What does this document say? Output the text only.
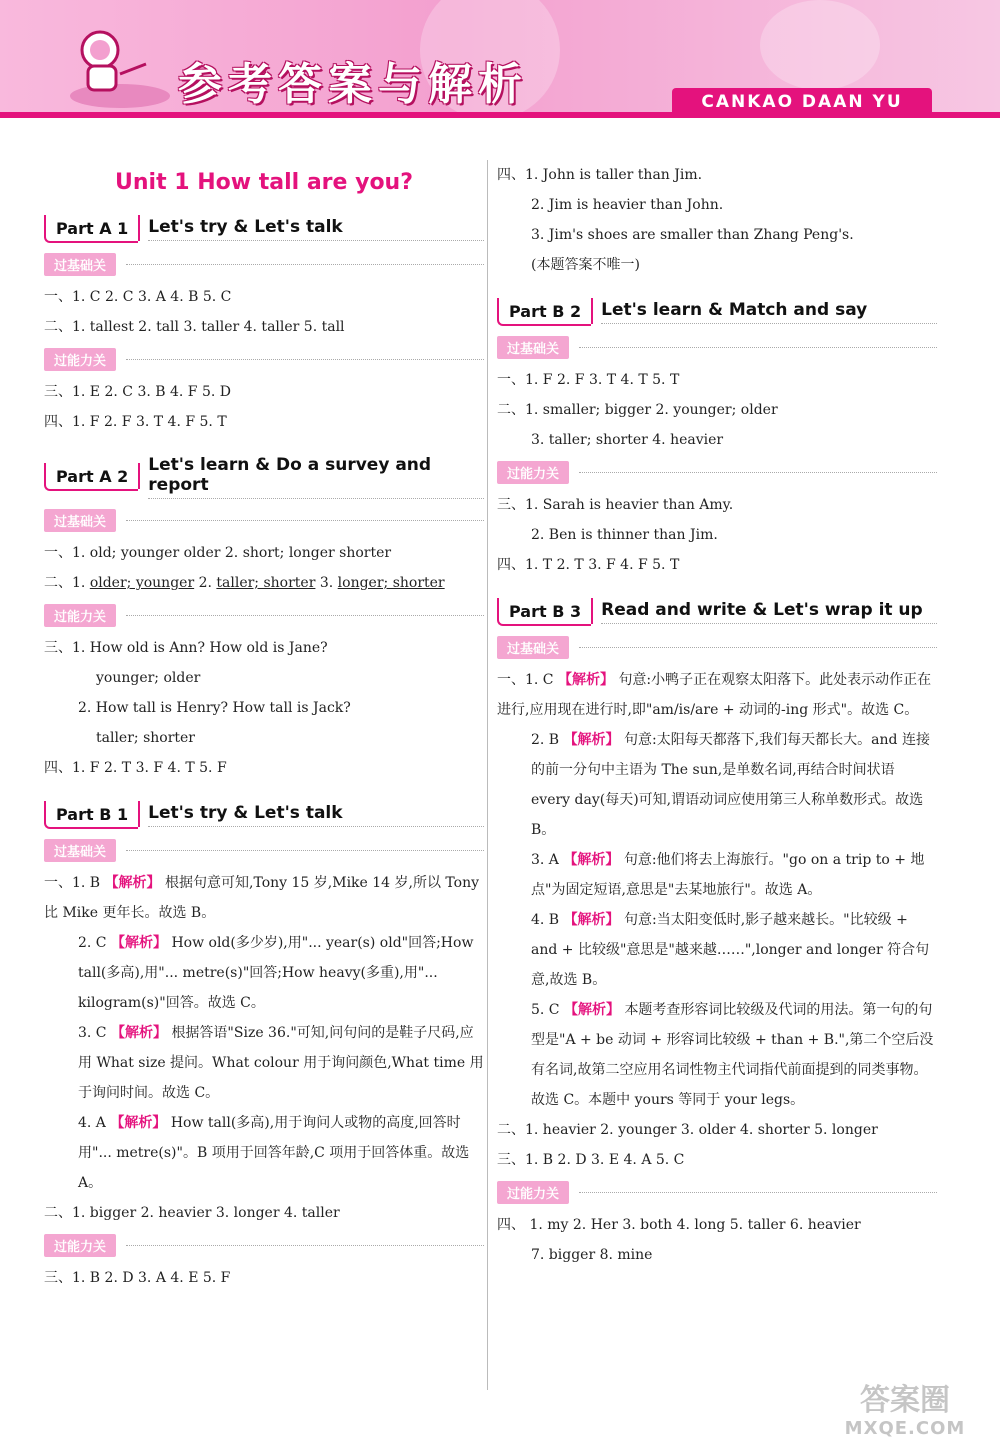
参考答案与解析	CANKAO DAAN YU JIEXI
Unit 1 How tall are you?
Part A 1	Let's try & Let's talk
过基础关
一、1. C 2. C 3. A 4. B 5. C
二、1. tallest 2. tall 3. taller 4. taller 5. tall
过能力关
三、1. E 2. C 3. B 4. F 5. D
四、1. F 2. F 3. T 4. F 5. T
Part A 2
Let's learn & Do a survey and report
过基础关
一、1. old; younger older 2. short; longer shorter
二、1. older; younger 2. taller; shorter 3. longer; shorter
过能力关
三、1. How old is Ann? How old is Jane?
younger; older
2. How tall is Henry? How tall is Jack?
taller; shorter
四、1. F 2. T 3. F 4. T 5. F
Part B 1	Let's try & Let's talk
过基础关
一、1. B 【解析】 根据句意可知,Tony 15 岁,Mike 14 岁,所以 Tony 比 Mike 更年长。故选 B。
2. C 【解析】 How old(多少岁),用"... year(s) old"回答;How tall(多高),用"... metre(s)"回答;How heavy(多重),用"... kilogram(s)"回答。故选 C。
3. C 【解析】 根据答语"Size 36."可知,问句问的是鞋子尺码,应用 What size 提问。What colour 用于询问颜色,What time 用于询问时间。故选 C。
4. A 【解析】 How tall(多高),用于询问人或物的高度,回答时用"... metre(s)"。B 项用于回答年龄,C 项用于回答体重。故选 A。
二、1. bigger 2. heavier 3. longer 4. taller
过能力关
三、1. B 2. D 3. A 4. E 5. F
四、1. John is taller than Jim.
2. Jim is heavier than John.
3. Jim's shoes are smaller than Zhang Peng's.
(本题答案不唯一)
Part B 2	Let's learn & Match and say
过基础关
一、1. F 2. F 3. T 4. T 5. T
二、1. smaller; bigger 2. younger; older
3. taller; shorter 4. heavier
过能力关
三、1. Sarah is heavier than Amy.
2. Ben is thinner than Jim.
四、1. T 2. T 3. F 4. F 5. T
Part B 3	Read and write & Let's wrap it up
过基础关
一、1. C 【解析】 句意:小鸭子正在观察太阳落下。此处表示动作正在进行,应用现在进行时,即"am/is/are + 动词的-ing 形式"。故选 C。
2. B 【解析】 句意:太阳每天都落下,我们每天都长大。and 连接的前一分句中主语为 The sun,是单数名词,再结合时间状语 every day(每天)可知,谓语动词应使用第三人称单数形式。故选 B。
3. A 【解析】 句意:他们将去上海旅行。"go on a trip to + 地点"为固定短语,意思是"去某地旅行"。故选 A。
4. B 【解析】 句意:当太阳变低时,影子越来越长。"比较级 + and + 比较级"意思是"越来越……",longer and longer 符合句意,故选 B。
5. C 【解析】 本题考查形容词比较级及代词的用法。第一句的句型是"A + be 动词 + 形容词比较级 + than + B.",第二个空后没有名词,故第二空应用名词性物主代词指代前面提到的同类事物。故选 C。本题中 yours 等同于 your legs。
二、1. heavier 2. younger 3. older 4. shorter 5. longer
三、1. B 2. D 3. E 4. A 5. C
过能力关
四、 1. my 2. Her 3. both 4. long 5. taller 6. heavier
7. bigger 8. mine
答案圈
MXQE.COM
